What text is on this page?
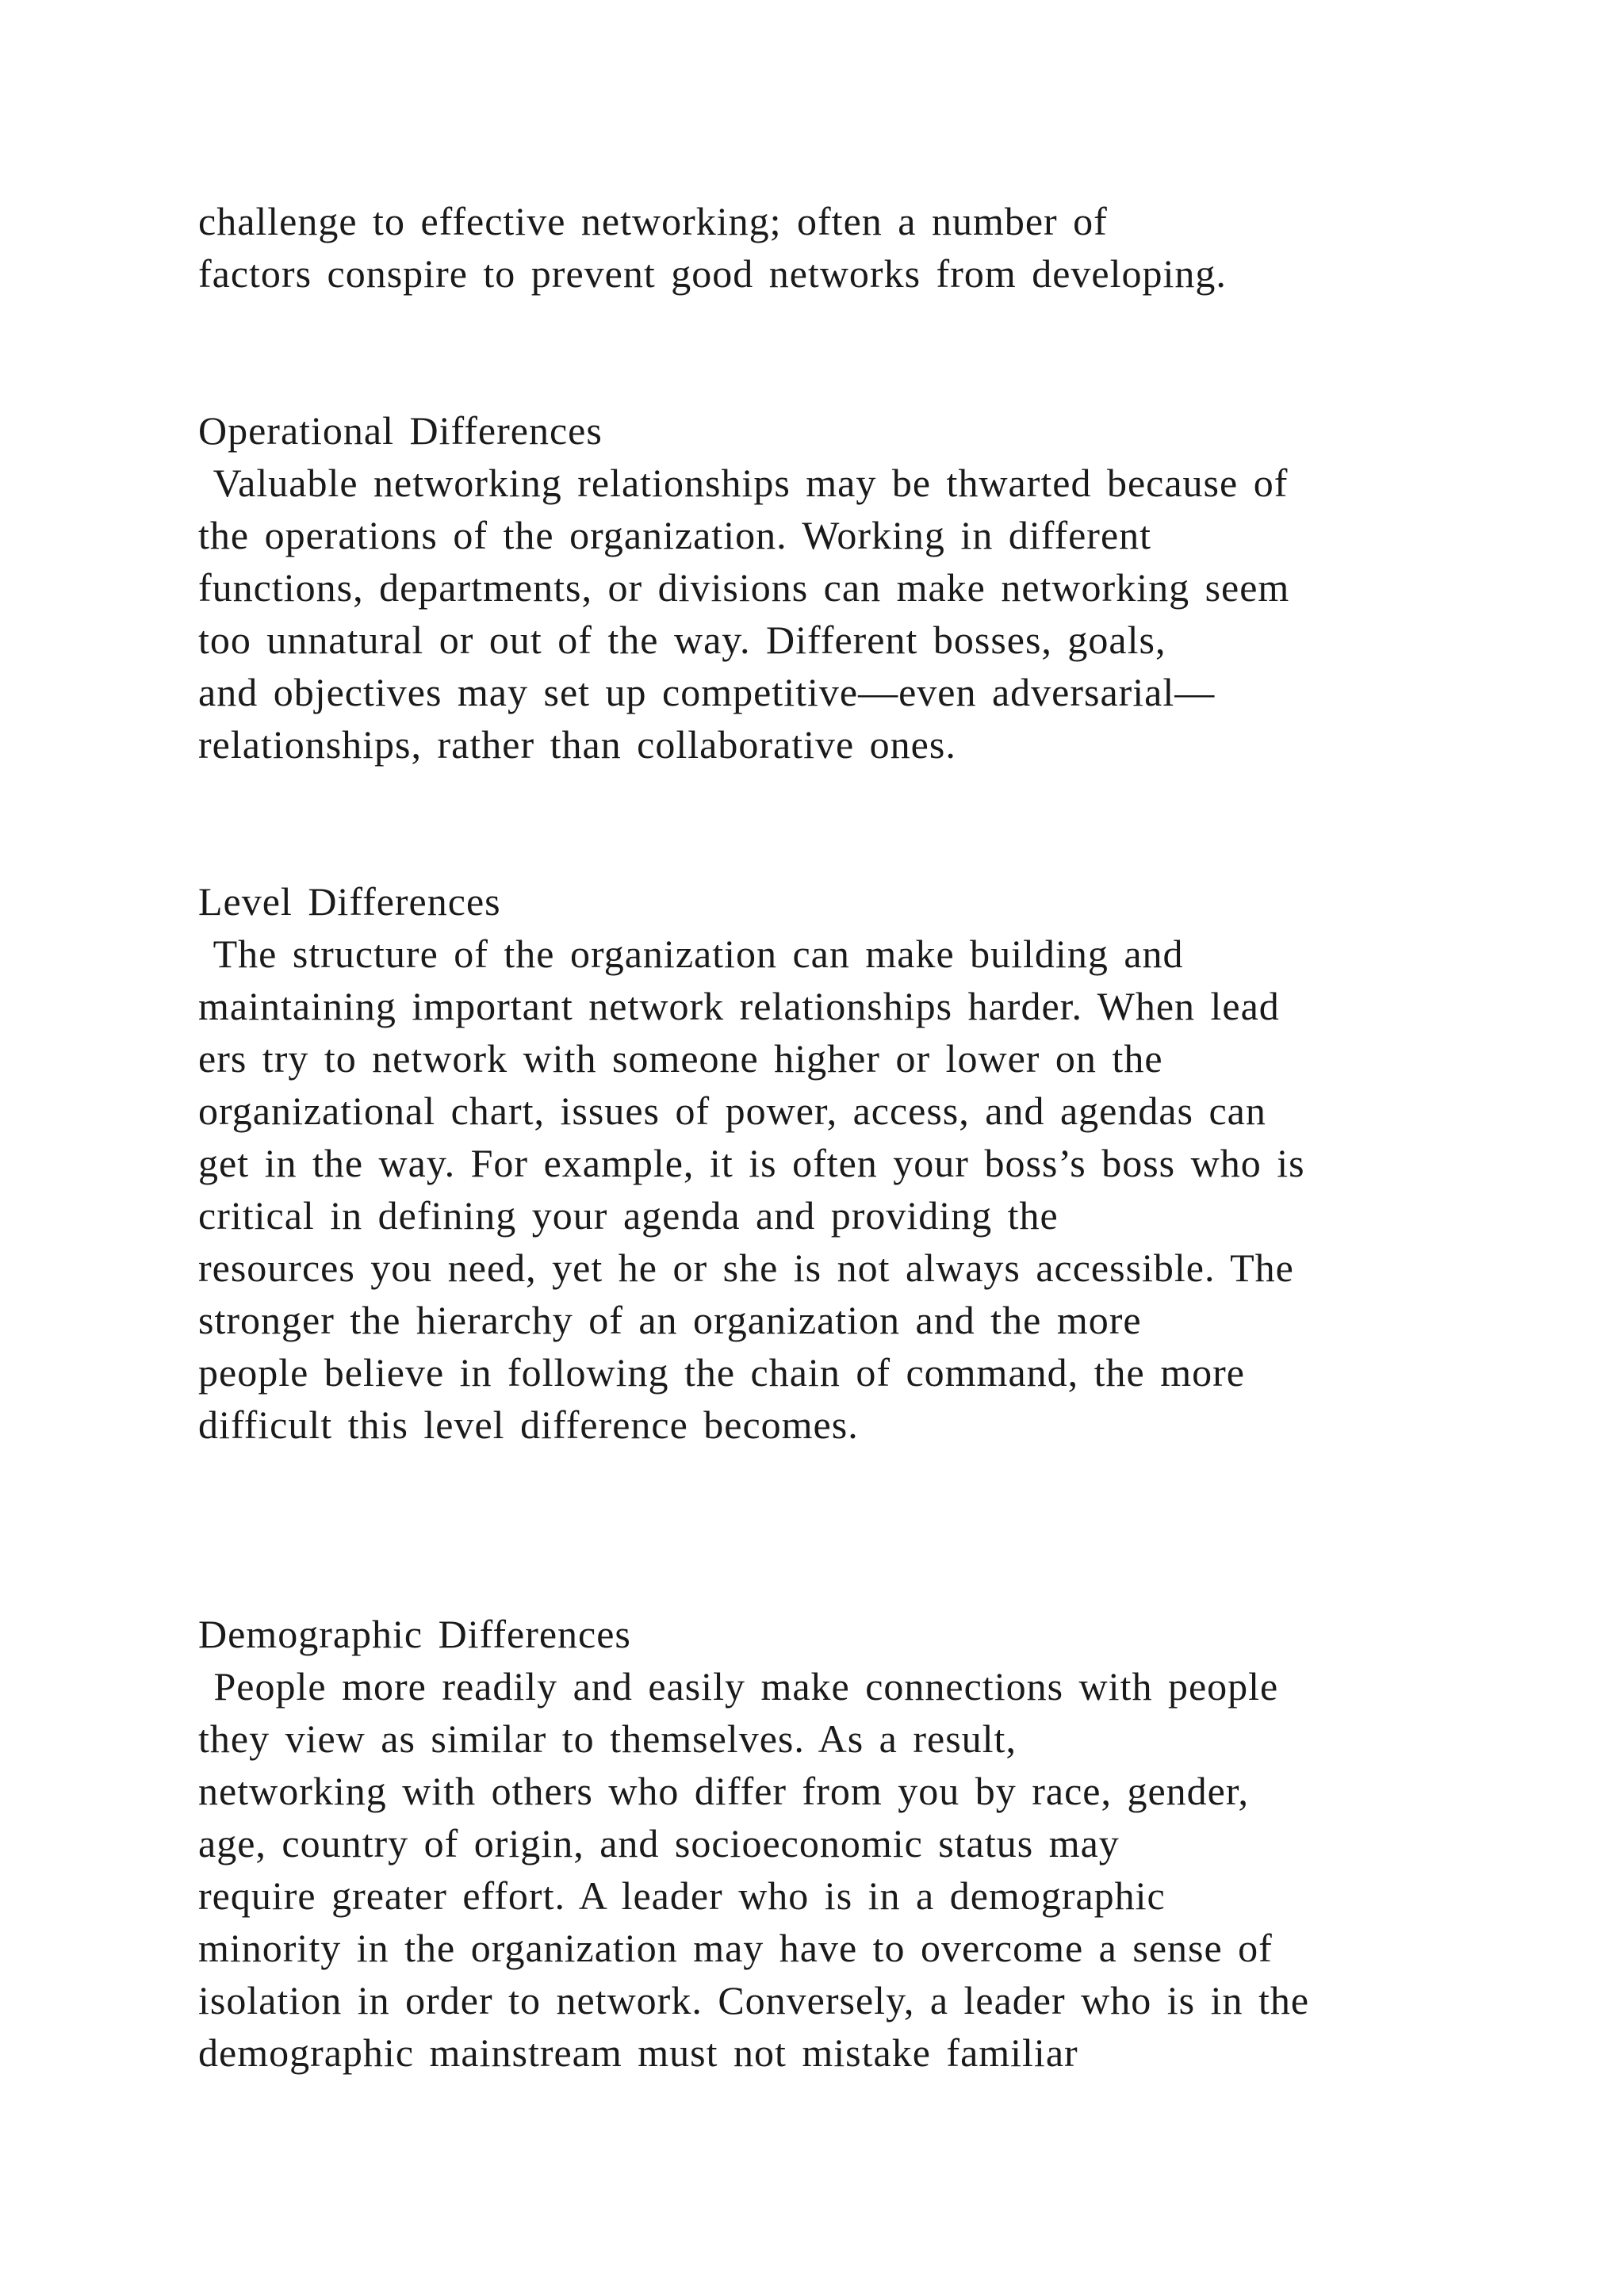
challenge to effective networking; often a number of
factors conspire to prevent good networks from developing.
Operational Differences
Valuable networking relationships may be thwarted because of
the operations of the organization. Working in different
functions, departments, or divisions can make networking seem
too unnatural or out of the way. Different bosses, goals,
and objectives may set up competitive—even adversarial—
relationships, rather than collaborative ones.
Level Differences
The structure of the organization can make building and
maintaining important network relationships harder. When lead
ers try to network with someone higher or lower on the
organizational chart, issues of power, access, and agendas can
get in the way. For example, it is often your boss’s boss who is
critical in defining your agenda and providing the
resources you need, yet he or she is not always accessible. The
stronger the hierarchy of an organization and the more
people believe in following the chain of command, the more
difficult this level difference becomes.
Demographic Differences
People more readily and easily make connections with people
they view as similar to themselves. As a result,
networking with others who differ from you by race, gender,
age, country of origin, and socioeconomic status may
require greater effort. A leader who is in a demographic
minority in the organization may have to overcome a sense of
isolation in order to network. Conversely, a leader who is in the
demographic mainstream must not mistake familiar
